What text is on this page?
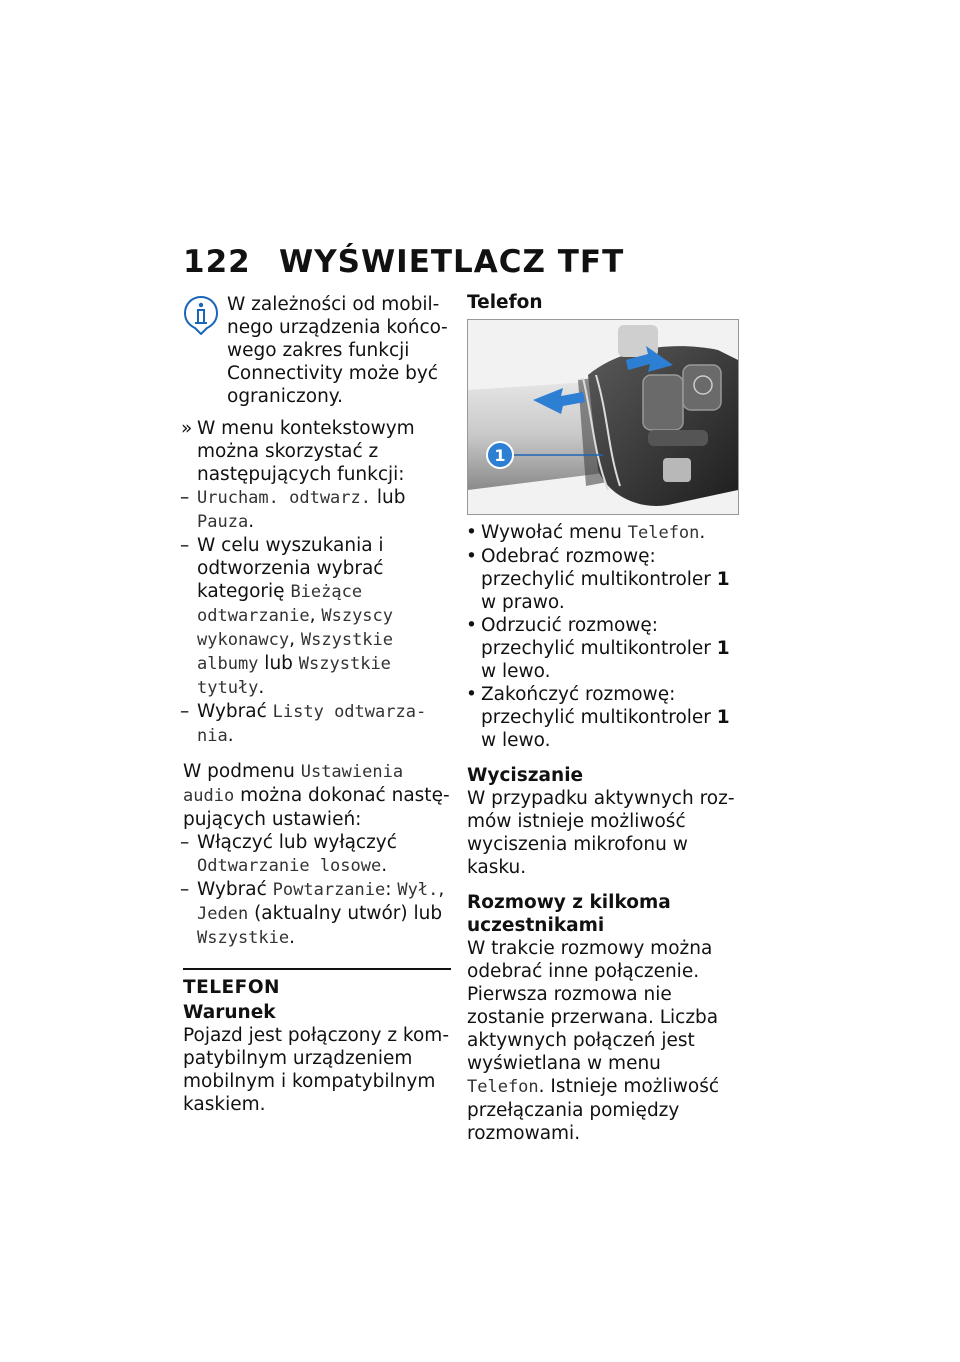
122 WYŚWIETLACZ TFT

W zależności od mobilnego urządzenia końcowego zakres funkcji Connectivity może być ograniczony.

» W menu kontekstowym można skorzystać z następujących funkcji:
– Urucham. odtwarz. lub Pauza.
– W celu wyszukania i odtworzenia wybrać kategorię Bieżące odtwarzanie, Wszyscy wykonawcy, Wszystkie albumy lub Wszystkie tytuły.
– Wybrać Listy odtwarzania.

W podmenu Ustawienia audio można dokonać następujących ustawień:

– Włączyć lub wyłączyć Odtwarzanie losowe.
– Wybrać Powtarzanie: Wył., Jeden (aktualny utwór) lub Wszystkie.
TELEFON
Warunek

Pojazd jest połączony z kompatybilnym urządzeniem mobilnym i kompatybilnym kaskiem.

Telefon
1
• Wywołać menu Telefon.
• Odebrać rozmowę: przechylić multikontroler 1 w prawo.
• Odrzucić rozmowę: przechylić multikontroler 1 w lewo.
• Zakończyć rozmowę: przechylić multikontroler 1 w lewo.
Wyciszanie

W przypadku aktywnych rozmów istnieje możliwość wyciszenia mikrofonu w kasku.

Rozmowy z kilkoma uczestnikami

W trakcie rozmowy można odebrać inne połączenie. Pierwsza rozmowa nie zostanie przerwana. Liczba aktywnych połączeń jest wyświetlana w menu Telefon. Istnieje możliwość przełączania pomiędzy rozmowami.
